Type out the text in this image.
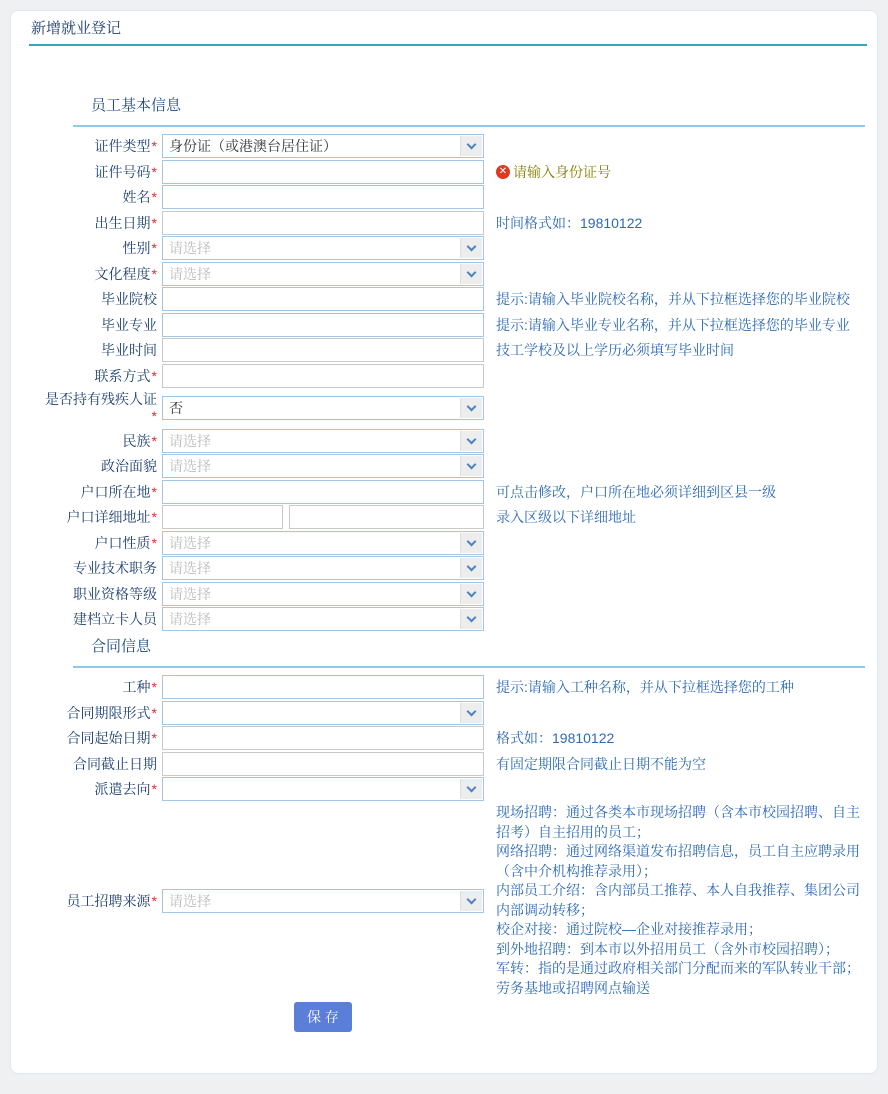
新增就业登记
员工基本信息
证件类型* 身份证（或港澳台居住证）
证件号码*	✕ 请输入身份证号
姓名*
出生日期*	时间格式如：19810122
性别* 请选择
文化程度* 请选择
毕业院校	提示:请输入毕业院校名称，并从下拉框选择您的毕业院校
毕业专业	提示:请输入毕业专业名称，并从下拉框选择您的毕业专业
毕业时间	技工学校及以上学历必须填写毕业时间
联系方式*
是否持有残疾人证* 否
民族* 请选择
政治面貌 请选择
户口所在地*	可点击修改，户口所在地必须详细到区县一级
户口详细地址*	录入区级以下详细地址
户口性质* 请选择
专业技术职务 请选择
职业资格等级 请选择
建档立卡人员 请选择
合同信息
工种*	提示:请输入工种名称，并从下拉框选择您的工种
合同期限形式*
合同起始日期*	格式如：19810122
合同截止日期	有固定期限合同截止日期不能为空
派遣去向*
员工招聘来源* 请选择
现场招聘：通过各类本市现场招聘（含本市校园招聘、自主招考）自主招用的员工；
网络招聘：通过网络渠道发布招聘信息，员工自主应聘录用（含中介机构推荐录用）；
内部员工介绍：含内部员工推荐、本人自我推荐、集团公司内部调动转移；
校企对接：通过院校—企业对接推荐录用；
到外地招聘：到本市以外招用员工（含外市校园招聘）；
军转：指的是通过政府相关部门分配而来的军队转业干部；
劳务基地或招聘网点输送
保 存
